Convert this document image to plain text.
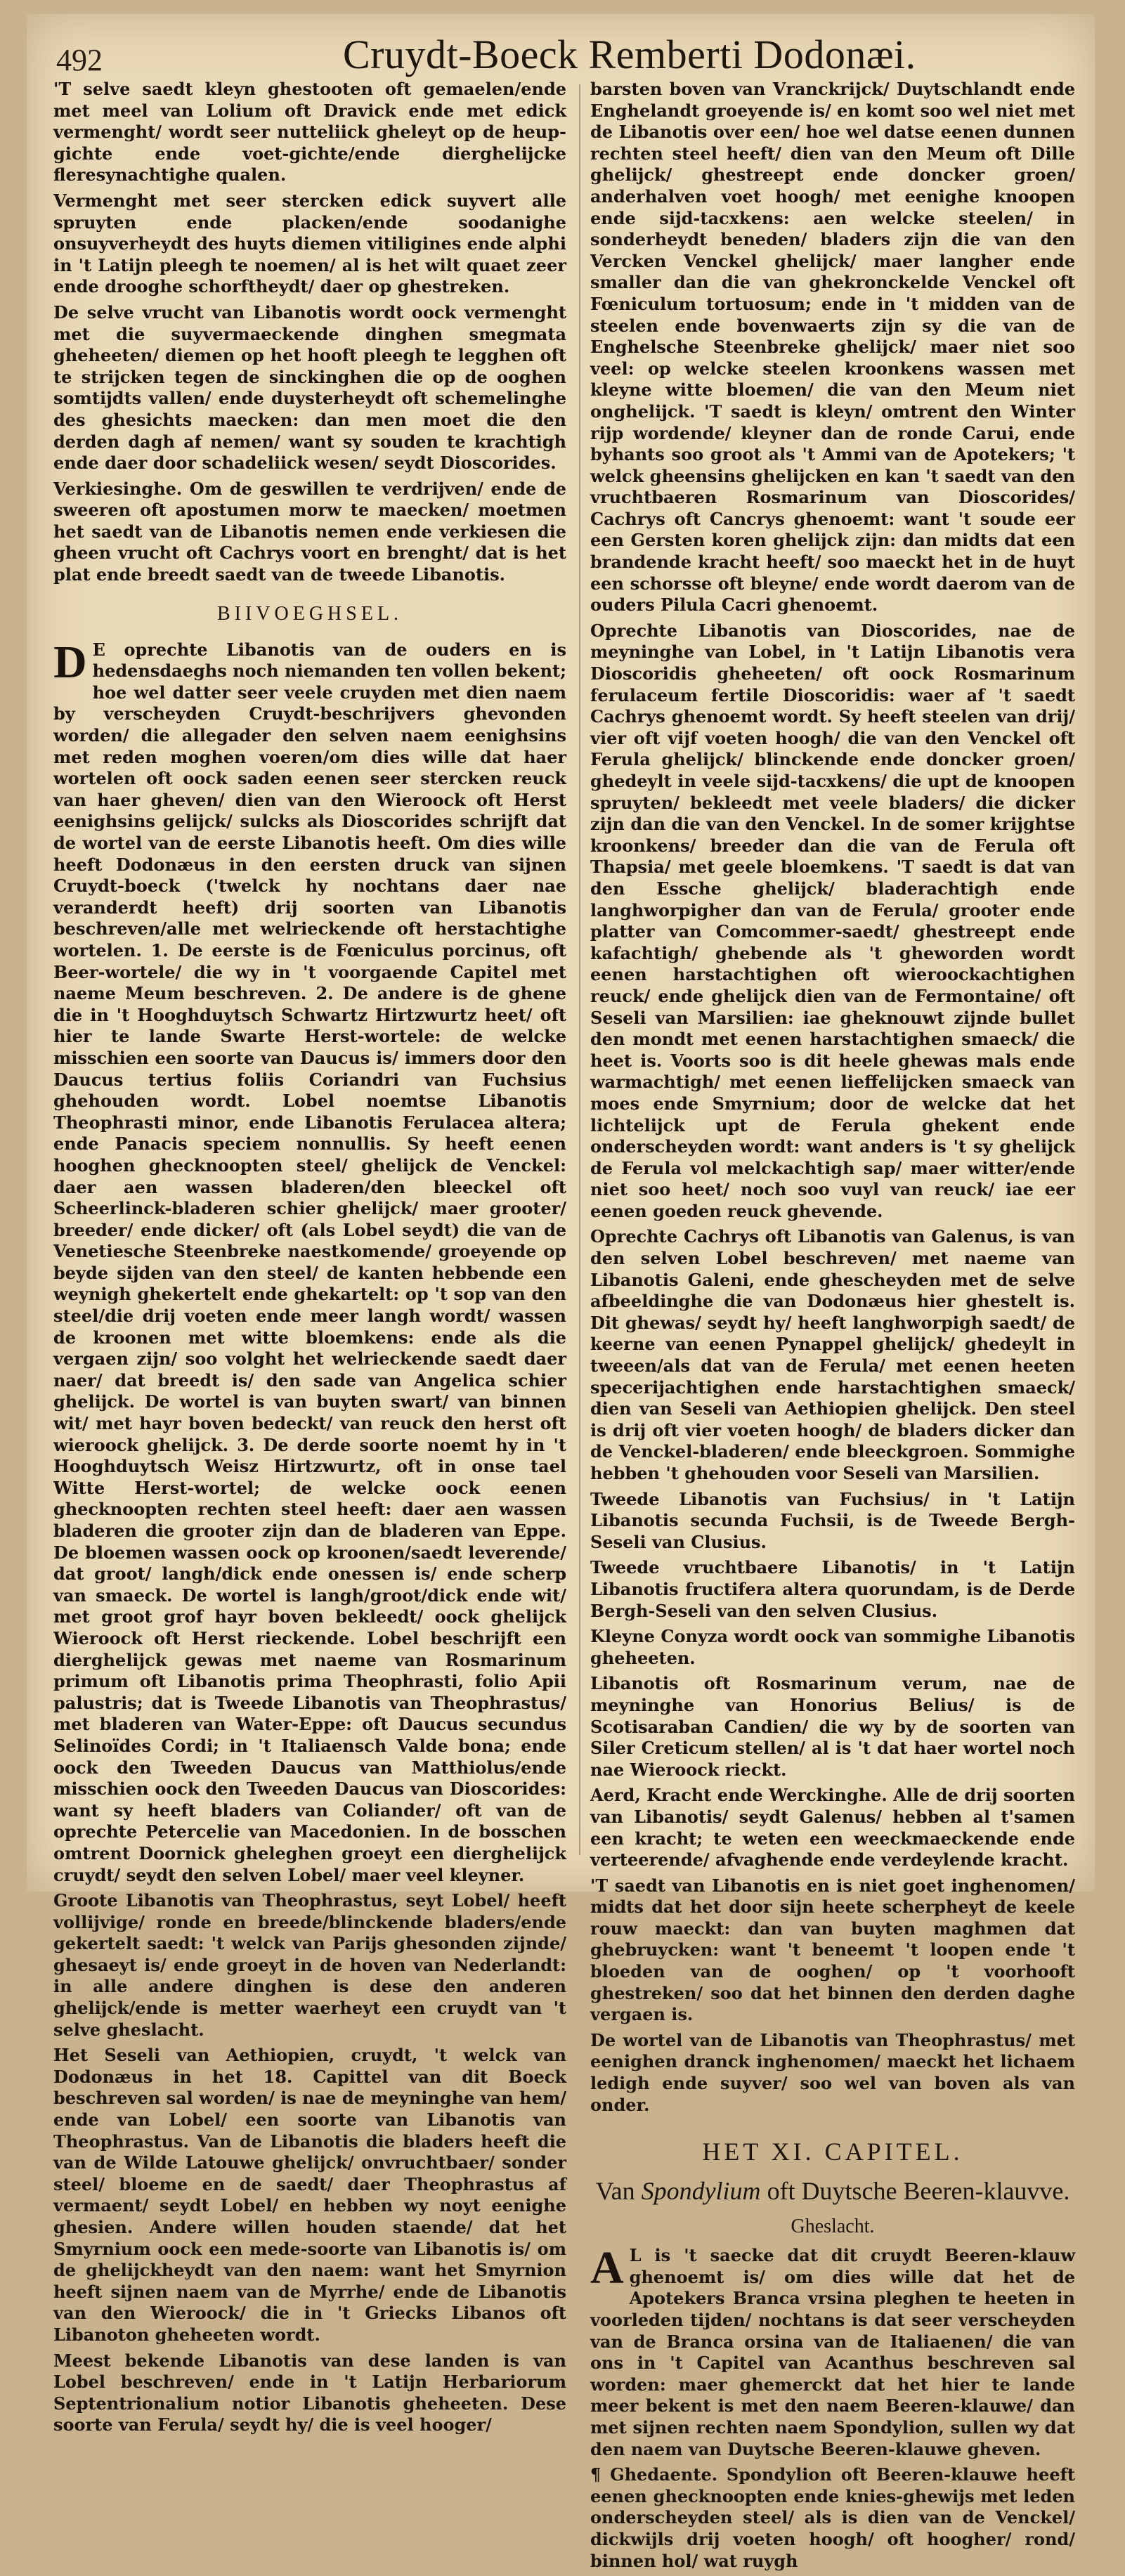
492	Cruydt-Boeck Remberti Dodonæi.

'T selve saedt kleyn ghestooten oft gemaelen/ende met meel van Lolium oft Dravick ende met edick vermenght/ wordt seer nutteliick gheleyt op de heup-gichte ende voet-gichte/ende dierghelijcke fleresynachtighe qualen.

Vermenght met seer stercken edick suyvert alle spruyten ende placken/ende soodanighe onsuyverheydt des huyts diemen vitiligines ende alphi in 't Latijn pleegh te noemen/ al is het wilt quaet zeer ende drooghe schorftheydt/ daer op ghestreken.

De selve vrucht van Libanotis wordt oock vermenght met die suyvermaeckende dinghen smegmata gheheeten/ diemen op het hooft pleegh te legghen oft te strijcken tegen de sinckinghen die op de ooghen somtijdts vallen/ ende duysterheydt oft schemelinghe des ghesichts maecken: dan men moet die den derden dagh af nemen/ want sy souden te krachtigh ende daer door schadeliick wesen/ seydt Dioscorides.

Verkiesinghe. Om de geswillen te verdrijven/ ende de sweeren oft apostumen morw te maecken/ moetmen het saedt van de Libanotis nemen ende verkiesen die gheen vrucht oft Cachrys voort en brenght/ dat is het plat ende breedt saedt van de tweede Libanotis.

BIIVOEGHSEL.

D E oprechte Libanotis van de ouders en is hedensdaeghs noch niemanden ten vollen bekent; hoe wel datter seer veele cruyden met dien naem by verscheyden Cruydt-beschrijvers ghevonden worden/ die allegader den selven naem eenighsins met reden moghen voeren/om dies wille dat haer wortelen oft oock saden eenen seer stercken reuck van haer gheven/ dien van den Wieroock oft Herst eenighsins gelijck/ sulcks als Dioscorides schrijft dat de wortel van de eerste Libanotis heeft. Om dies wille heeft Dodonæus in den eersten druck van sijnen Cruydt-boeck ('twelck hy nochtans daer nae veranderdt heeft) drij soorten van Libanotis beschreven/alle met welrieckende oft herstachtighe wortelen. 1. De eerste is de Fœniculus porcinus, oft Beer-wortele/ die wy in 't voorgaende Capitel met naeme Meum beschreven. 2. De andere is de ghene die in 't Hooghduytsch Schwartz Hirtzwurtz heet/ oft hier te lande Swarte Herst-wortele: de welcke misschien een soorte van Daucus is/ immers door den Daucus tertius foliis Coriandri van Fuchsius ghehouden wordt. Lobel noemtse Libanotis Theophrasti minor, ende Libanotis Ferulacea altera; ende Panacis speciem nonnullis. Sy heeft eenen hooghen ghecknoopten steel/ ghelijck de Venckel: daer aen wassen bladeren/den bleeckel oft Scheerlinck-bladeren schier ghelijck/ maer grooter/ breeder/ ende dicker/ oft (als Lobel seydt) die van de Venetiesche Steenbreke naestkomende/ groeyende op beyde sijden van den steel/ de kanten hebbende een weynigh ghekertelt ende ghekartelt: op 't sop van den steel/die drij voeten ende meer langh wordt/ wassen de kroonen met witte bloemkens: ende als die vergaen zijn/ soo volght het welrieckende saedt daer naer/ dat breedt is/ den sade van Angelica schier ghelijck. De wortel is van buyten swart/ van binnen wit/ met hayr boven bedeckt/ van reuck den herst oft wieroock ghelijck. 3. De derde soorte noemt hy in 't Hooghduytsch Weisz Hirtzwurtz, oft in onse tael Witte Herst-wortel; de welcke oock eenen ghecknoopten rechten steel heeft: daer aen wassen bladeren die grooter zijn dan de bladeren van Eppe. De bloemen wassen oock op kroonen/saedt leverende/ dat groot/ langh/dick ende onessen is/ ende scherp van smaeck. De wortel is langh/groot/dick ende wit/ met groot grof hayr boven bekleedt/ oock ghelijck Wieroock oft Herst rieckende. Lobel beschrijft een dierghelijck gewas met naeme van Rosmarinum primum oft Libanotis prima Theophrasti, folio Apii palustris; dat is Tweede Libanotis van Theophrastus/ met bladeren van Water-Eppe: oft Daucus secundus Selinoïdes Cordi; in 't Italiaensch Valde bona; ende oock den Tweeden Daucus van Matthiolus/ende misschien oock den Tweeden Daucus van Dioscorides: want sy heeft bladers van Coliander/ oft van de oprechte Petercelie van Macedonien. In de bosschen omtrent Doornick gheleghen groeyt een dierghelijck cruydt/ seydt den selven Lobel/ maer veel kleyner.

Groote Libanotis van Theophrastus, seyt Lobel/ heeft vollijvige/ ronde en breede/blinckende bladers/ende gekertelt saedt: 't welck van Parijs ghesonden zijnde/ ghesaeyt is/ ende groeyt in de hoven van Nederlandt: in alle andere dinghen is dese den anderen ghelijck/ende is metter waerheyt een cruydt van 't selve gheslacht.

Het Seseli van Aethiopien, cruydt, 't welck van Dodonæus in het 18. Capittel van dit Boeck beschreven sal worden/ is nae de meyninghe van hem/ ende van Lobel/ een soorte van Libanotis van Theophrastus. Van de Libanotis die bladers heeft die van de Wilde Latouwe ghelijck/ onvruchtbaer/ sonder steel/ bloeme en de saedt/ daer Theophrastus af vermaent/ seydt Lobel/ en hebben wy noyt eenighe ghesien. Andere willen houden staende/ dat het Smyrnium oock een mede-soorte van Libanotis is/ om de ghelijckheydt van den naem: want het Smyrnion heeft sijnen naem van de Myrrhe/ ende de Libanotis van den Wieroock/ die in 't Griecks Libanos oft Libanoton gheheeten wordt.

Meest bekende Libanotis van dese landen is van Lobel beschreven/ ende in 't Latijn Herbariorum Septentrionalium notior Libanotis gheheeten. Dese soorte van Ferula/ seydt hy/ die is veel hooger/

barsten boven van Vranckrijck/ Duytschlandt ende Enghelandt groeyende is/ en komt soo wel niet met de Libanotis over een/ hoe wel datse eenen dunnen rechten steel heeft/ dien van den Meum oft Dille ghelijck/ ghestreept ende doncker groen/ anderhalven voet hoogh/ met eenighe knoopen ende sijd-tacxkens: aen welcke steelen/ in sonderheydt beneden/ bladers zijn die van den Vercken Venckel ghelijck/ maer langher ende smaller dan die van ghekronckelde Venckel oft Fœniculum tortuosum; ende in 't midden van de steelen ende bovenwaerts zijn sy die van de Enghelsche Steenbreke ghelijck/ maer niet soo veel: op welcke steelen kroonkens wassen met kleyne witte bloemen/ die van den Meum niet onghelijck. 'T saedt is kleyn/ omtrent den Winter rijp wordende/ kleyner dan de ronde Carui, ende byhants soo groot als 't Ammi van de Apotekers; 't welck gheensins ghelijcken en kan 't saedt van den vruchtbaeren Rosmarinum van Dioscorides/ Cachrys oft Cancrys ghenoemt: want 't soude eer een Gersten koren ghelijck zijn: dan midts dat een brandende kracht heeft/ soo maeckt het in de huyt een schorsse oft bleyne/ ende wordt daerom van de ouders Pilula Cacri ghenoemt.

Oprechte Libanotis van Dioscorides, nae de meyninghe van Lobel, in 't Latijn Libanotis vera Dioscoridis gheheeten/ oft oock Rosmarinum ferulaceum fertile Dioscoridis: waer af 't saedt Cachrys ghenoemt wordt. Sy heeft steelen van drij/ vier oft vijf voeten hoogh/ die van den Venckel oft Ferula ghelijck/ blinckende ende doncker groen/ ghedeylt in veele sijd-tacxkens/ die upt de knoopen spruyten/ bekleedt met veele bladers/ die dicker zijn dan die van den Venckel. In de somer krijghtse kroonkens/ breeder dan die van de Ferula oft Thapsia/ met geele bloemkens. 'T saedt is dat van den Essche ghelijck/ bladerachtigh ende langhworpigher dan van de Ferula/ grooter ende platter van Comcommer-saedt/ ghestreept ende kafachtigh/ ghebende als 't gheworden wordt eenen harstachtighen oft wieroockachtighen reuck/ ende ghelijck dien van de Fermontaine/ oft Seseli van Marsilien: iae gheknouwt zijnde bullet den mondt met eenen harstachtighen smaeck/ die heet is. Voorts soo is dit heele ghewas mals ende warmachtigh/ met eenen lieffelijcken smaeck van moes ende Smyrnium; door de welcke dat het lichtelijck upt de Ferula ghekent ende onderscheyden wordt: want anders is 't sy ghelijck de Ferula vol melckachtigh sap/ maer witter/ende niet soo heet/ noch soo vuyl van reuck/ iae eer eenen goeden reuck ghevende.

Oprechte Cachrys oft Libanotis van Galenus, is van den selven Lobel beschreven/ met naeme van Libanotis Galeni, ende ghescheyden met de selve afbeeldinghe die van Dodonæus hier ghestelt is. Dit ghewas/ seydt hy/ heeft langhworpigh saedt/ de keerne van eenen Pynappel ghelijck/ ghedeylt in tweeen/als dat van de Ferula/ met eenen heeten specerijachtighen ende harstachtighen smaeck/ dien van Seseli van Aethiopien ghelijck. Den steel is drij oft vier voeten hoogh/ de bladers dicker dan de Venckel-bladeren/ ende bleeckgroen. Sommighe hebben 't ghehouden voor Seseli van Marsilien.

Tweede Libanotis van Fuchsius/ in 't Latijn Libanotis secunda Fuchsii, is de Tweede Bergh-Seseli van Clusius.

Tweede vruchtbaere Libanotis/ in 't Latijn Libanotis fructifera altera quorundam, is de Derde Bergh-Seseli van den selven Clusius.

Kleyne Conyza wordt oock van sommighe Libanotis gheheeten.

Libanotis oft Rosmarinum verum, nae de meyninghe van Honorius Belius/ is de Scotisaraban Candien/ die wy by de soorten van Siler Creticum stellen/ al is 't dat haer wortel noch nae Wieroock rieckt.

Aerd, Kracht ende Werckinghe. Alle de drij soorten van Libanotis/ seydt Galenus/ hebben al t'samen een kracht; te weten een weeckmaeckende ende verteerende/ afvaghende ende verdeylende kracht.

'T saedt van Libanotis en is niet goet inghenomen/ midts dat het door sijn heete scherpheyt de keele rouw maeckt: dan van buyten maghmen dat ghebruycken: want 't beneemt 't loopen ende 't bloeden van de ooghen/ op 't voorhooft ghestreken/ soo dat het binnen den derden daghe vergaen is.

De wortel van de Libanotis van Theophrastus/ met eenighen dranck inghenomen/ maeckt het lichaem ledigh ende suyver/ soo wel van boven als van onder.

HET XI. CAPITEL.
Van Spondylium oft Duytsche Beeren-klauvve.
Gheslacht.

A L is 't saecke dat dit cruydt Beeren-klauw ghenoemt is/ om dies wille dat het de Apotekers Branca vrsina pleghen te heeten in voorleden tijden/ nochtans is dat seer verscheyden van de Branca orsina van de Italiaenen/ die van ons in 't Capitel van Acanthus beschreven sal worden: maer ghemerckt dat het hier te lande meer bekent is met den naem Beeren-klauwe/ dan met sijnen rechten naem Spondylion, sullen wy dat den naem van Duytsche Beeren-klauwe gheven.

¶ Ghedaente. Spondylion oft Beeren-klauwe heeft eenen ghecknoopten ende knies-ghewijs met leden onderscheyden steel/ als is dien van de Venckel/ dickwijls drij voeten hoogh/ oft hoogher/ rond/ binnen hol/ wat ruygh
